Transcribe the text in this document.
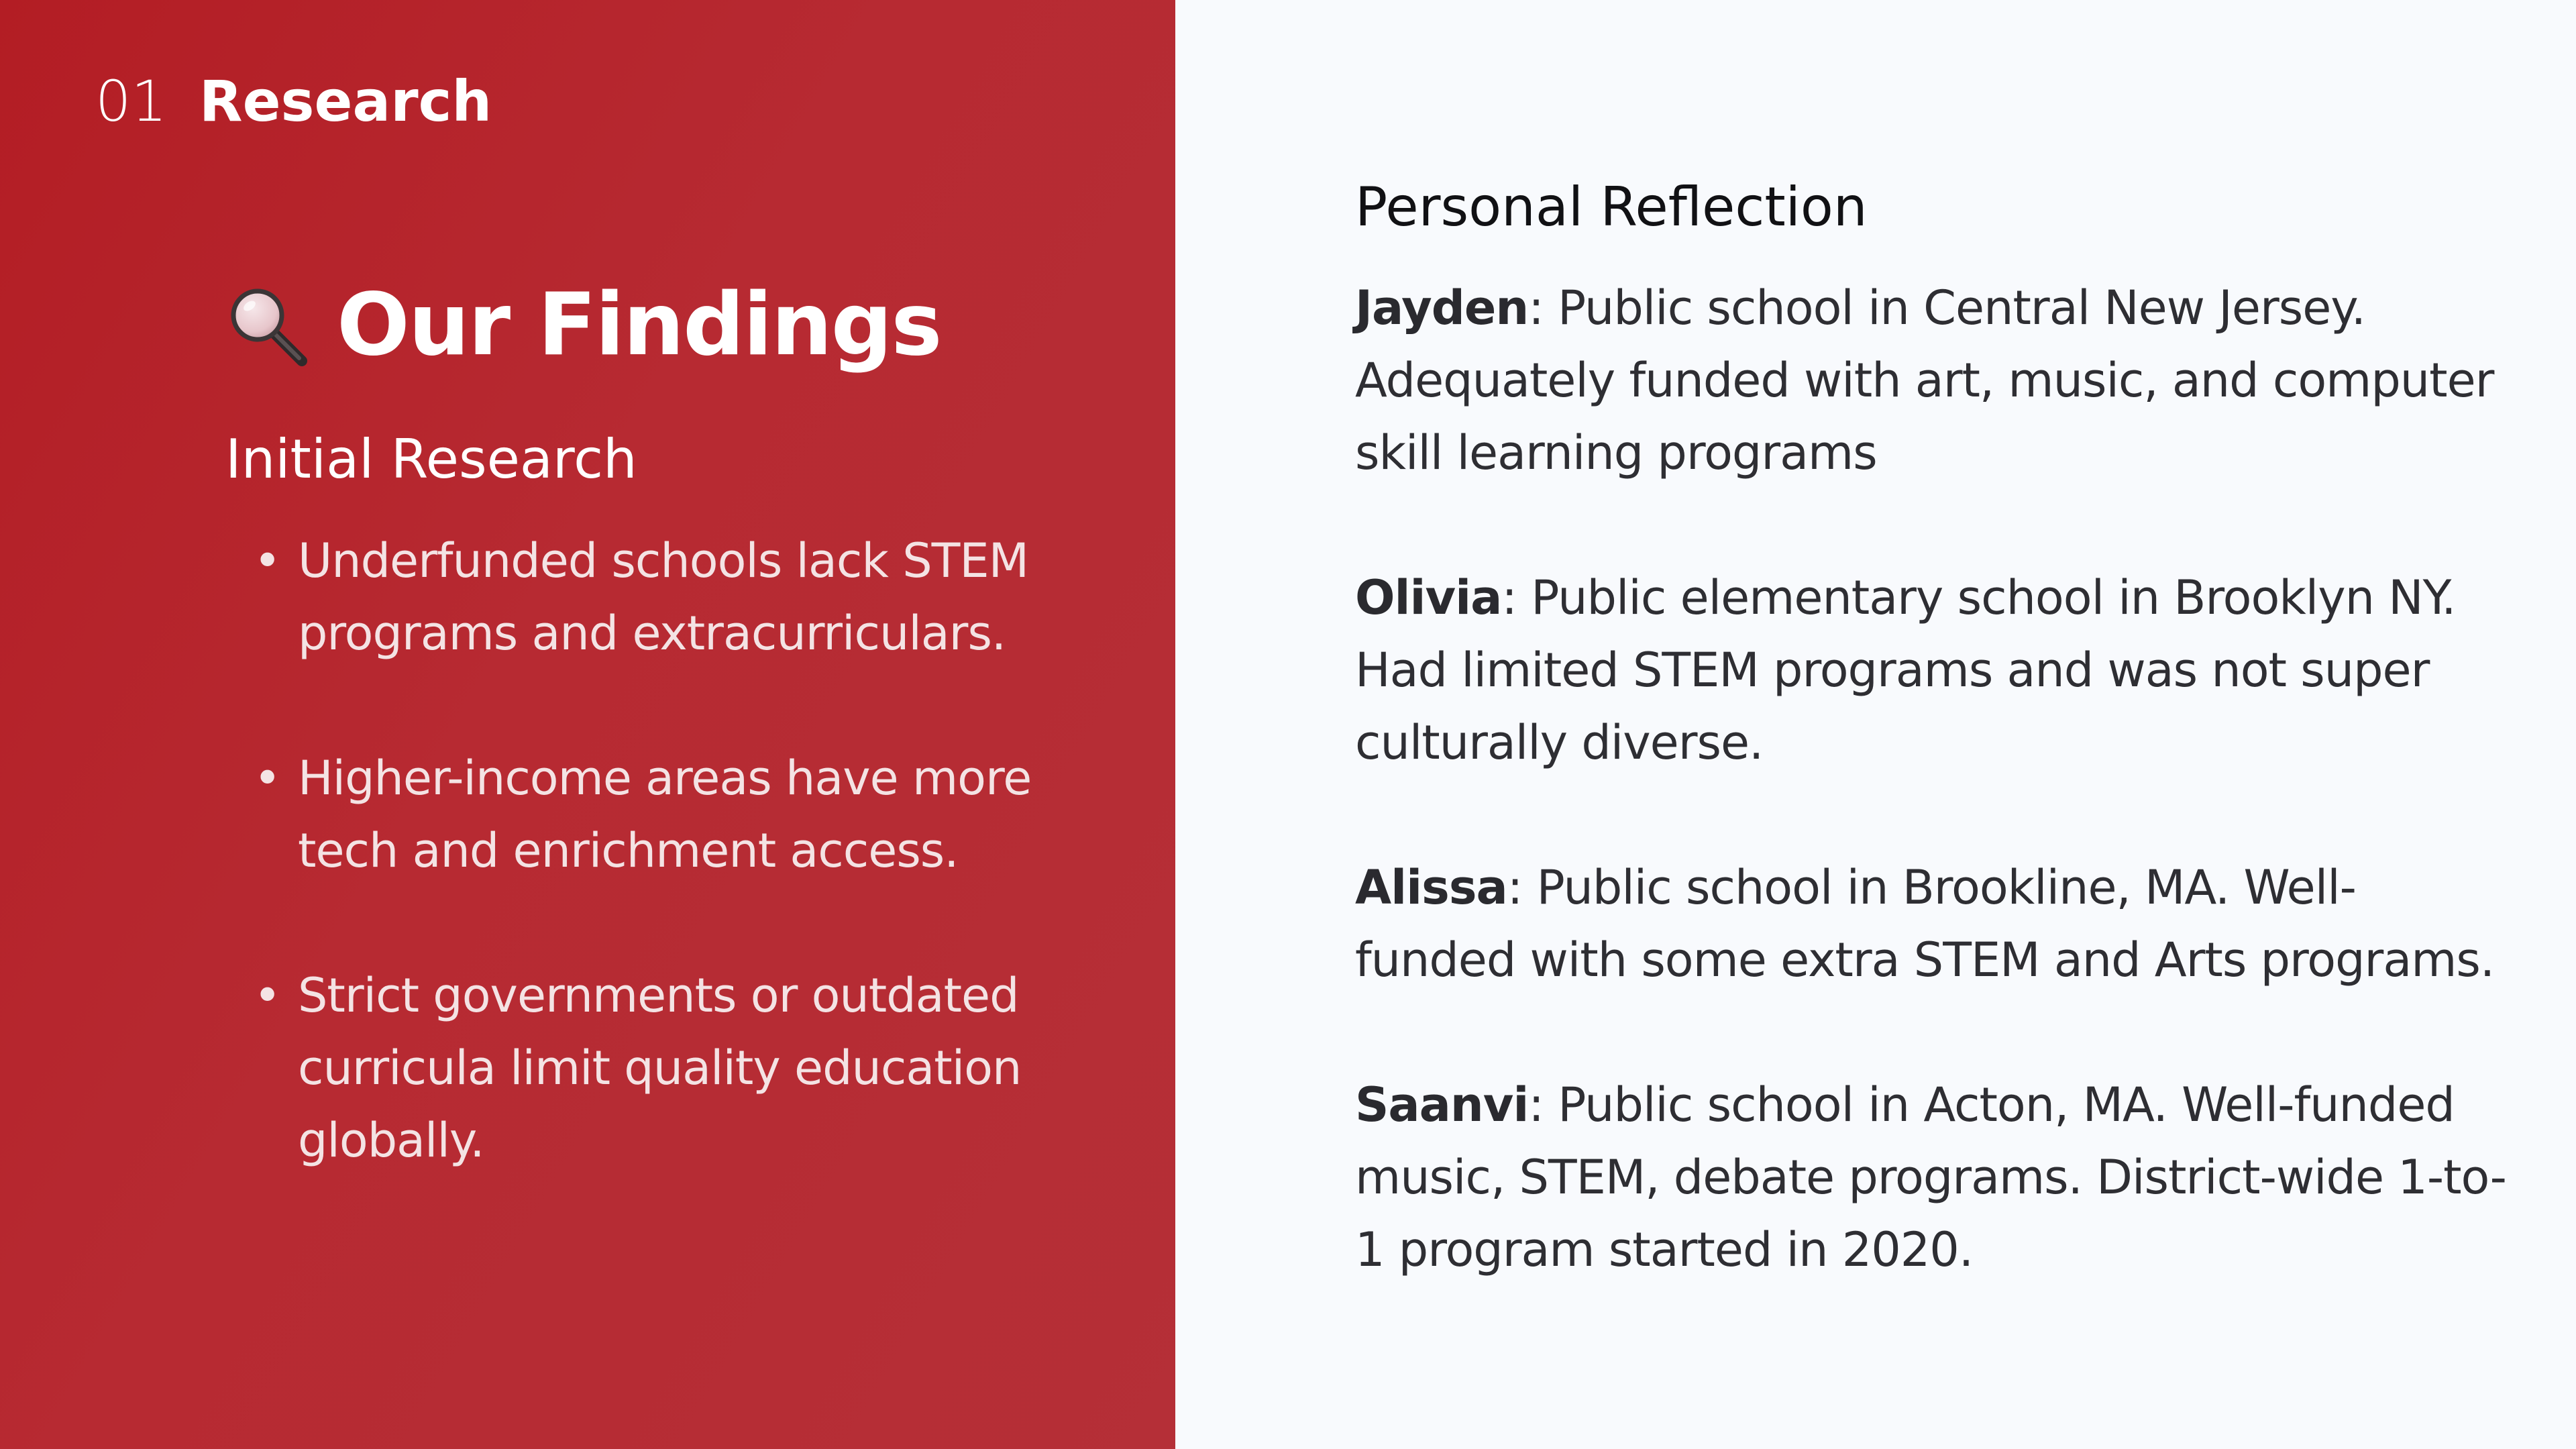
01 Research
Our Findings
Initial Research
• Underfunded schools lack STEM programs and extracurriculars.
• Higher-income areas have more tech and enrichment access.
• Strict governments or outdated curricula limit quality education globally.
Personal Reflection

Jayden: Public school in Central New Jersey. Adequately funded with art, music, and computer skill learning programs

Olivia: Public elementary school in Brooklyn NY. Had limited STEM programs and was not super culturally diverse.

Alissa: Public school in Brookline, MA. Well-funded with some extra STEM and Arts programs.

Saanvi: Public school in Acton, MA. Well-funded music, STEM, debate programs. District-wide 1-to-1 program started in 2020.
